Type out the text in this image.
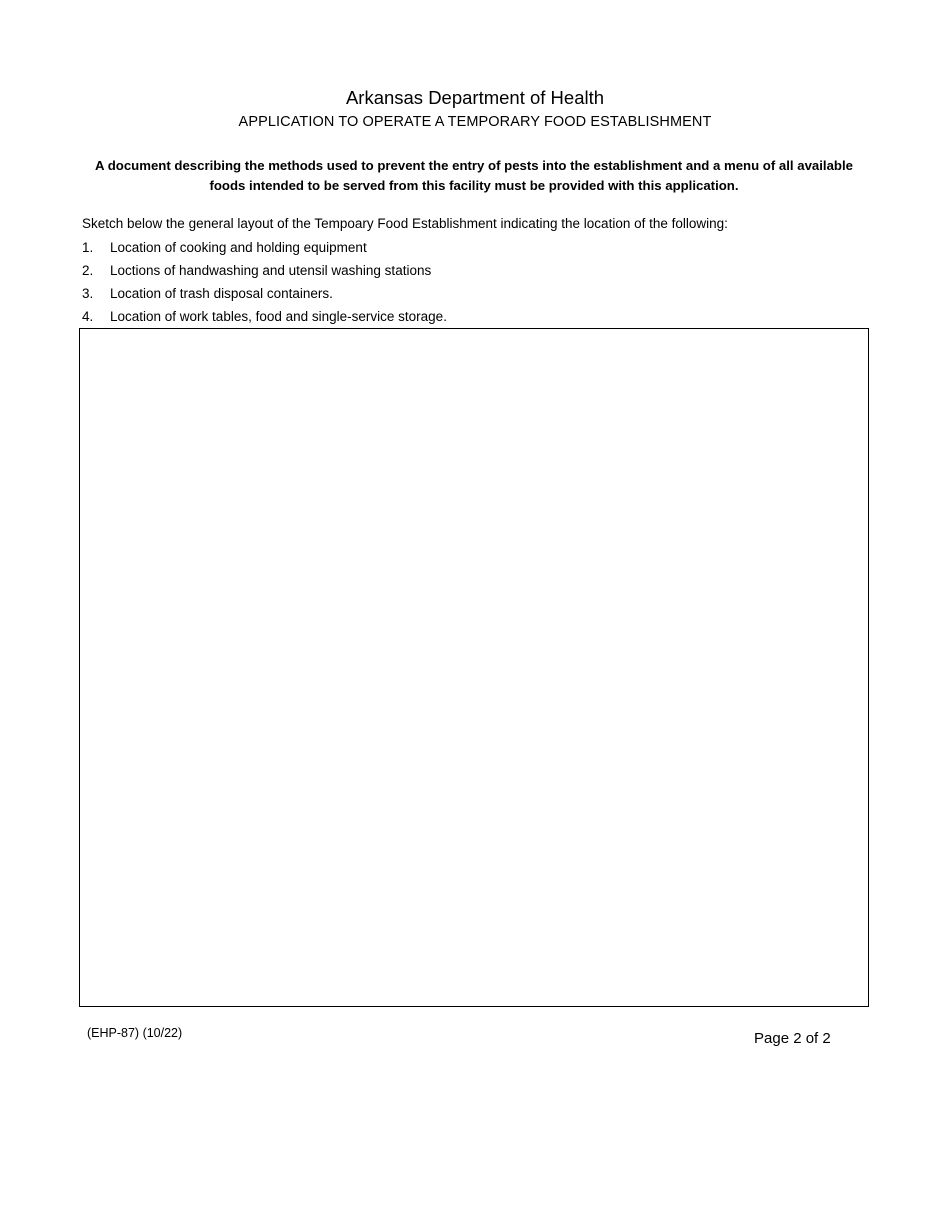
Arkansas Department of Health
APPLICATION TO OPERATE A TEMPORARY FOOD ESTABLISHMENT
A document describing the methods used to prevent the entry of pests into the establishment and a menu of all available foods intended to be served from this facility must be provided with this application.
Sketch below the general layout of the Tempoary Food Establishment indicating the location of the following:
1.	Location of cooking and holding equipment
2.	Loctions of handwashing and utensil washing stations
3.	Location of trash disposal containers.
4.	Location of work tables, food and single-service storage.
(EHP-87) (10/22)	Page 2 of 2
